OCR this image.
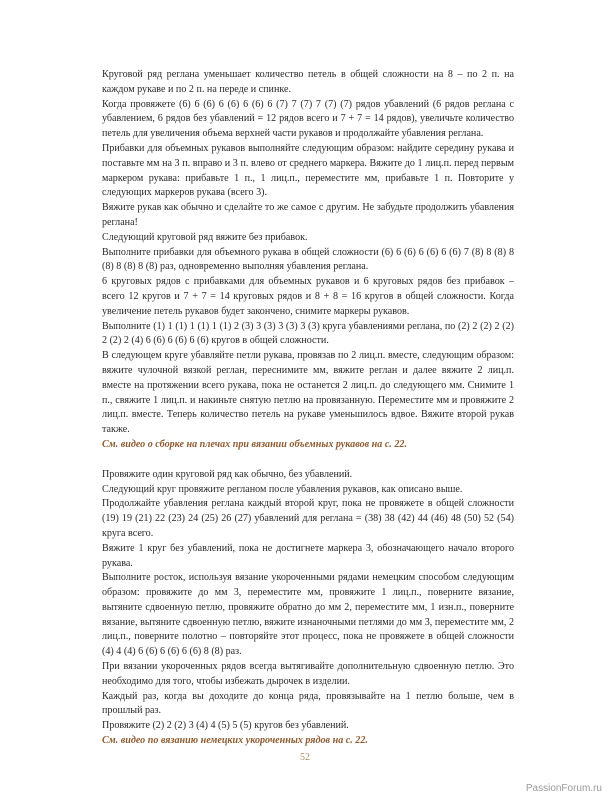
Круговой ряд реглана уменьшает количество петель в общей сложности на 8 – по 2 п. на каждом рукаве и по 2 п. на переде и спинке.

Когда провяжете (6) 6 (6) 6 (6) 6 (6) 6 (7) 7 (7) 7 (7) (7) рядов убавлений (6 рядов реглана с убавлением, 6 рядов без убавлений = 12 рядов всего и 7 + 7 = 14 рядов), увеличьте количество петель для увеличения объема верхней части рукавов и продолжайте убавления реглана.

Прибавки для объемных рукавов выполняйте следующим образом: найдите середину рукава и поставьте мм на 3 п. вправо и 3 п. влево от среднего маркера. Вяжите до 1 лиц.п. перед первым маркером рукава: прибавьте 1 п., 1 лиц.п., переместите мм, прибавьте 1 п. Повторите у следующих маркеров рукава (всего 3).

Вяжите рукав как обычно и сделайте то же самое с другим. Не забудьте продолжить убавления реглана!

Следующий круговой ряд вяжите без прибавок.

Выполните прибавки для объемного рукава в общей сложности (6) 6 (6) 6 (6) 6 (6) 7 (8) 8 (8) 8 (8) 8 (8) 8 (8) раз, одновременно выполняя убавления реглана.

6 круговых рядов с прибавками для объемных рукавов и 6 круговых рядов без прибавок – всего 12 кругов и 7 + 7 = 14 круговых рядов и 8 + 8 = 16 кругов в общей сложности. Когда увеличение петель рукавов будет закончено, снимите маркеры рукавов.

Выполните (1) 1 (1) 1 (1) 1 (1) 2 (3) 3 (3) 3 (3) 3 (3) круга убавлениями реглана, по (2) 2 (2) 2 (2) 2 (2) 2 (4) 6 (6) 6 (6) 6 (6) кругов в общей сложности.

В следующем круге убавляйте петли рукава, провязав по 2 лиц.п. вместе, следующим образом: вяжите чулочной вязкой реглан, переснимите мм, вяжите реглан и далее вяжите 2 лиц.п. вместе на протяжении всего рукава, пока не останется 2 лиц.п. до следующего мм. Снимите 1 п., свяжите 1 лиц.п. и накиньте снятую петлю на провязанную. Переместите мм и провяжите 2 лиц.п. вместе. Теперь количество петель на рукаве уменьшилось вдвое. Вяжите второй рукав также.

См. видео о сборке на плечах при вязании объемных рукавов на с. 22.

Провяжите один круговой ряд как обычно, без убавлений.

Следующий круг провяжите регланом после убавления рукавов, как описано выше.

Продолжайте убавления реглана каждый второй круг, пока не провяжете в общей сложности (19) 19 (21) 22 (23) 24 (25) 26 (27) убавлений для реглана = (38) 38 (42) 44 (46) 48 (50) 52 (54) круга всего.

Вяжите 1 круг без убавлений, пока не достигнете маркера 3, обозначающего начало второго рукава.

Выполните росток, используя вязание укороченными рядами немецким способом следующим образом: провяжите до мм 3, переместите мм, провяжите 1 лиц.п., поверните вязание, вытяните сдвоенную петлю, провяжите обратно до мм 2, переместите мм, 1 изн.п., поверните вязание, вытяните сдвоенную петлю, вяжите изнаночными петлями до мм 3, переместите мм, 2 лиц.п., поверните полотно – повторяйте этот процесс, пока не провяжете в общей сложности (4) 4 (4) 6 (6) 6 (6) 6 (6) 8 (8) раз.

При вязании укороченных рядов всегда вытягивайте дополнительную сдвоенную петлю. Это необходимо для того, чтобы избежать дырочек в изделии.

Каждый раз, когда вы доходите до конца ряда, провязывайте на 1 петлю больше, чем в прошлый раз.

Провяжите (2) 2 (2) 3 (4) 4 (5) 5 (5) кругов без убавлений.

См. видео по вязанию немецких укороченных рядов на с. 22.

52
PassionForum.ru
